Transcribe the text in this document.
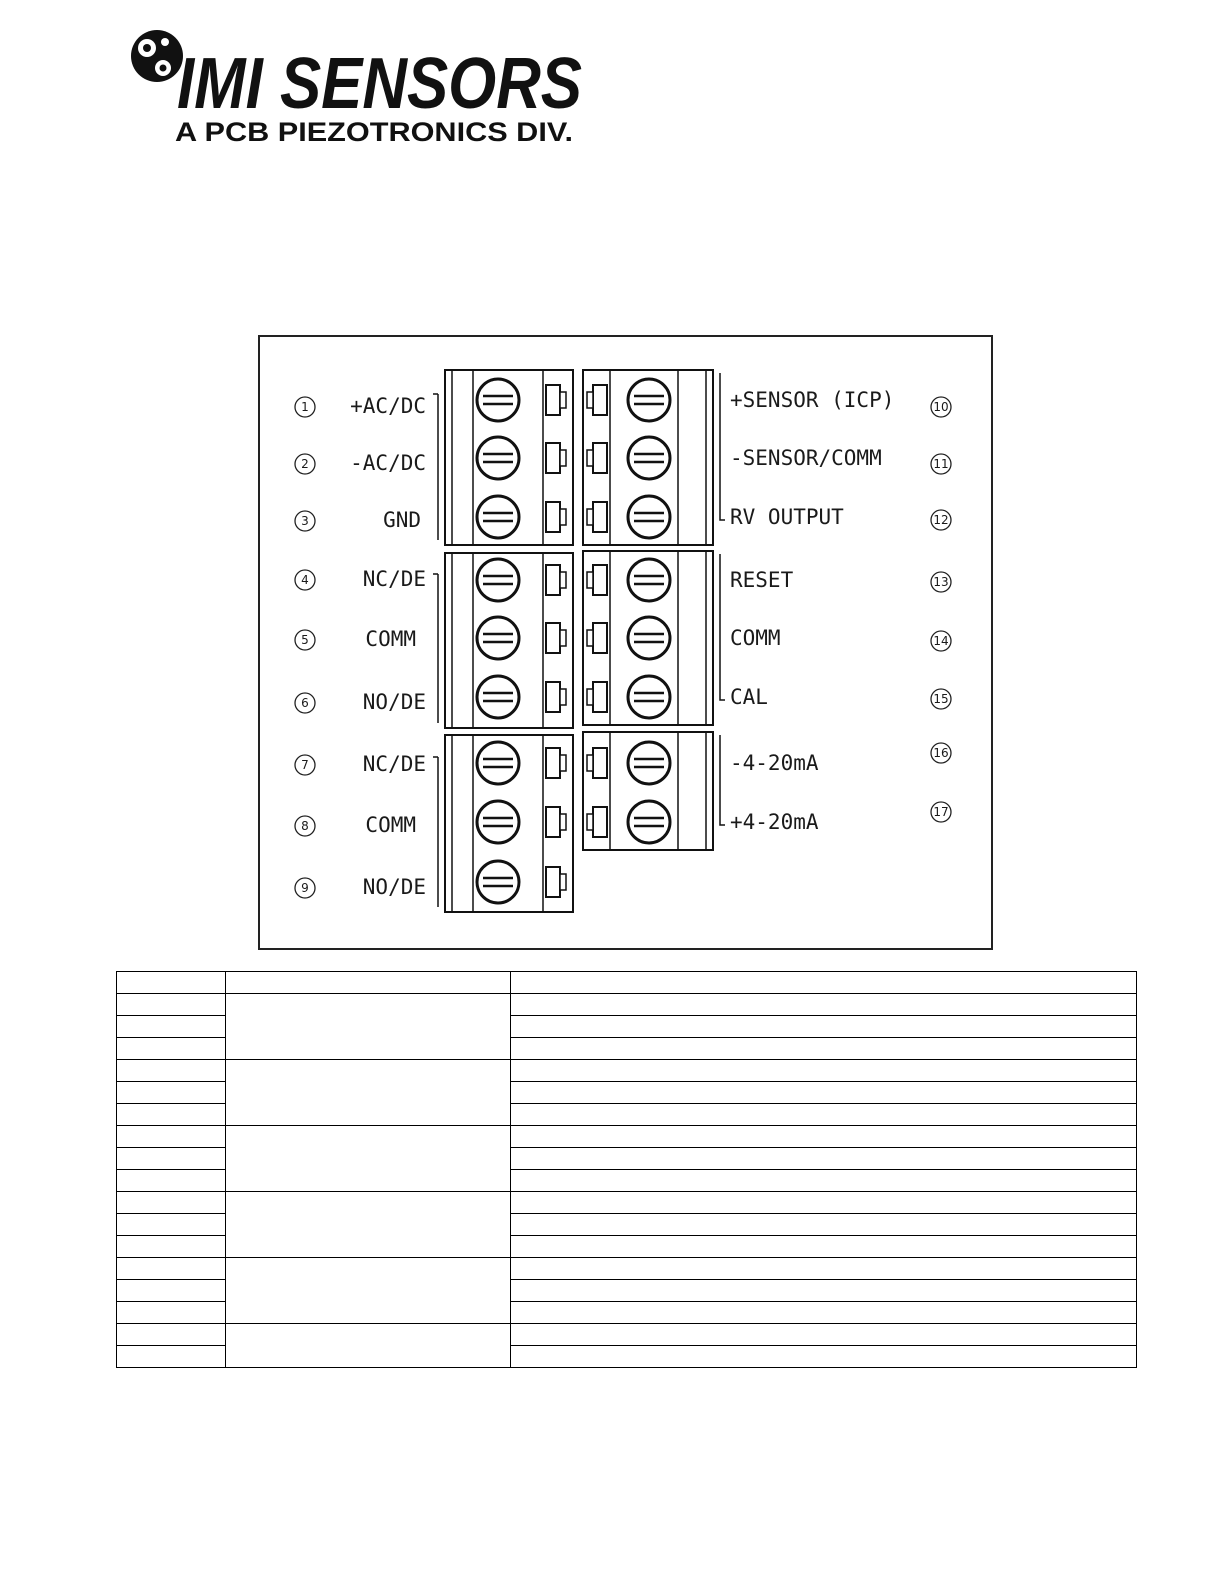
IMI SENSORS
A PCB PIEZOTRONICS DIV.
1 +AC/DC
2 -AC/DC
3	GND
4	NC/DE
5	COMM
6	NO/DE
7	NC/DE
8	COMM
9	NO/DE
+SENSOR (ICP)	10
-SENSOR/COMM	11
RV OUTPUT	12
RESET	13
COMM	14
CAL	15
-4-20mA	16
+4-20mA	17
